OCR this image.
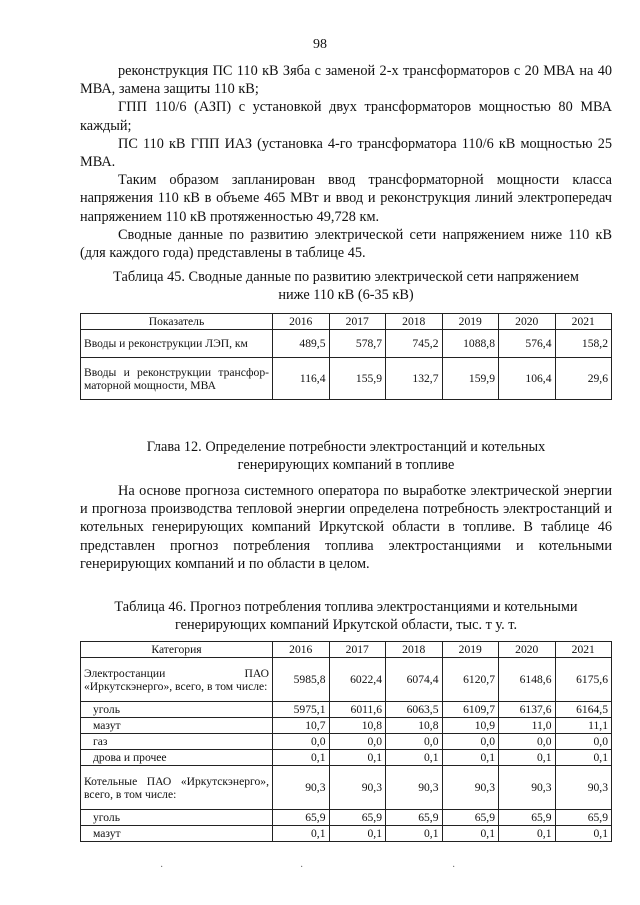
98

реконструкция ПС 110 кВ Зяба с заменой 2-х трансформаторов с 20 МВА на 40 МВА, замена защиты 110 кВ;

ГПП 110/6 (АЗП) с установкой двух трансформаторов мощностью 80 МВА каждый;

ПС 110 кВ ГПП ИАЗ (установка 4-го трансформатора 110/6 кВ мощностью 25 МВА.

Таким образом запланирован ввод трансформаторной мощности класса напряжения 110 кВ в объеме 465 МВт и ввод и реконструкция линий электропередач напряжением 110 кВ протяженностью 49,728 км.

Сводные данные по развитию электрической сети напряжением ниже 110 кВ (для каждого года) представлены в таблице 45.

Таблица 45. Сводные данные по развитию электрической сети напряжением

ниже 110 кВ (6-35 кВ)

Показатель	2016	2017	2018	2019	2020	2021
Вводы и реконструкции ЛЭП, км	489,5	578,7	745,2	1088,8	576,4	158,2
Вводы и реконструкции трансфор-маторной мощности, МВА	116,4	155,9	132,7	159,9	106,4	29,6

Глава 12. Определение потребности электростанций и котельных

генерирующих компаний в топливе

На основе прогноза системного оператора по выработке электрической энергии и прогноза производства тепловой энергии определена потребность электростанций и котельных генерирующих компаний Иркутской области в топливе. В таблице 46 представлен прогноз потребления топлива электростанциями и котельными генерирующих компаний и по области в целом.

Таблица 46. Прогноз потребления топлива электростанциями и котельными

генерирующих компаний Иркутской области, тыс. т у. т.

Категория	2016	2017	2018	2019	2020	2021
Электростанции ПАО «Иркутскэнерго», всего, в том числе:	5985,8	6022,4	6074,4	6120,7	6148,6	6175,6
уголь	5975,1	6011,6	6063,5	6109,7	6137,6	6164,5
мазут	10,7	10,8	10,8	10,9	11,0	11,1
газ	0,0	0,0	0,0	0,0	0,0	0,0
дрова и прочее	0,1	0,1	0,1	0,1	0,1	0,1
Котельные ПАО «Иркутскэнерго», всего, в том числе:	90,3	90,3	90,3	90,3	90,3	90,3
уголь	65,9	65,9	65,9	65,9	65,9	65,9
мазут	0,1	0,1	0,1	0,1	0,1	0,1
·	·	·
